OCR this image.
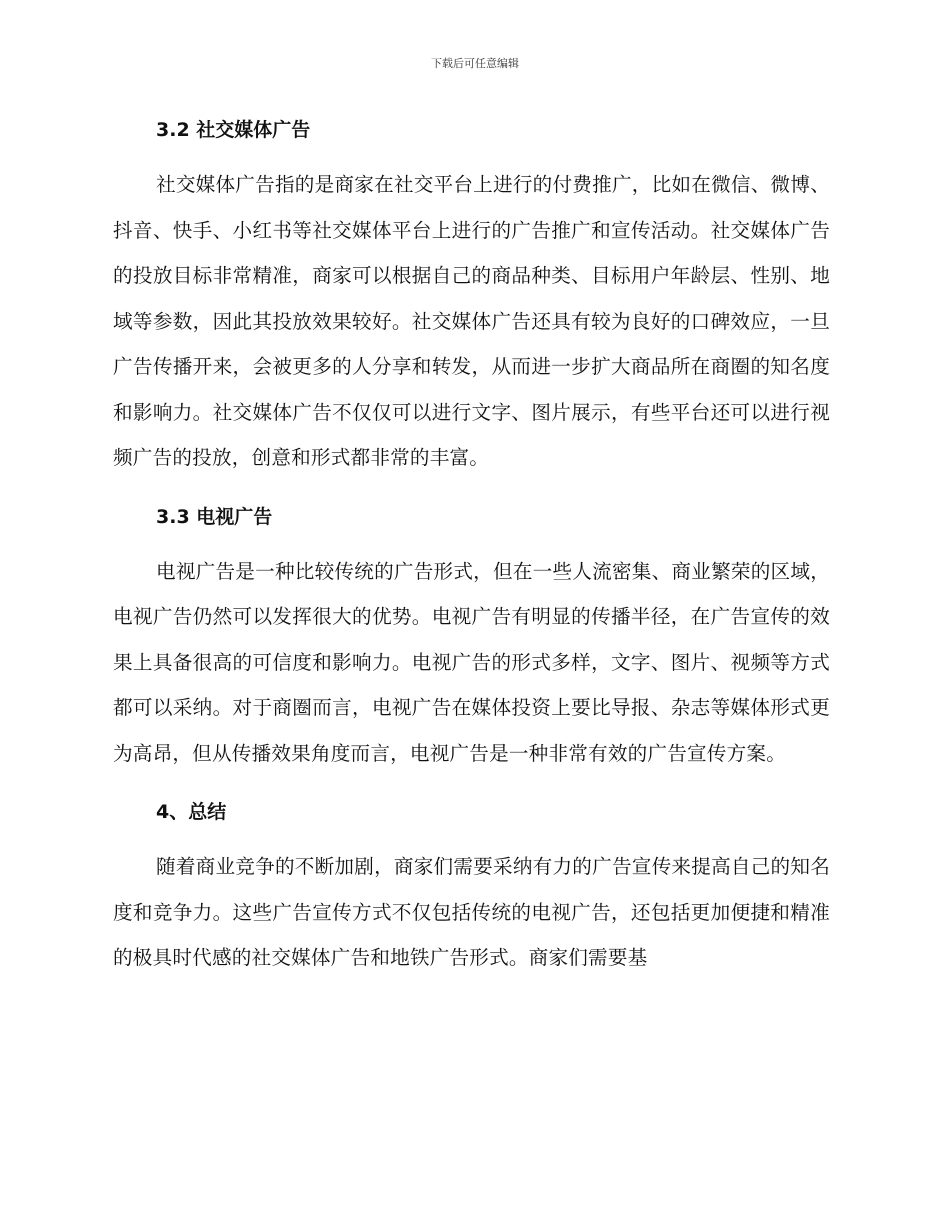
下载后可任意编辑
3.2 社交媒体广告

社交媒体广告指的是商家在社交平台上进行的付费推广，比如在微信、微博、抖音、快手、小红书等社交媒体平台上进行的广告推广和宣传活动。社交媒体广告的投放目标非常精准，商家可以根据自己的商品种类、目标用户年龄层、性别、地域等参数，因此其投放效果较好。社交媒体广告还具有较为良好的口碑效应，一旦广告传播开来，会被更多的人分享和转发，从而进一步扩大商品所在商圈的知名度和影响力。社交媒体广告不仅仅可以进行文字、图片展示，有些平台还可以进行视频广告的投放，创意和形式都非常的丰富。

3.3 电视广告

电视广告是一种比较传统的广告形式，但在一些人流密集、商业繁荣的区域，电视广告仍然可以发挥很大的优势。电视广告有明显的传播半径，在广告宣传的效果上具备很高的可信度和影响力。电视广告的形式多样，文字、图片、视频等方式都可以采纳。对于商圈而言，电视广告在媒体投资上要比导报、杂志等媒体形式更为高昂，但从传播效果角度而言，电视广告是一种非常有效的广告宣传方案。

4、总结

随着商业竞争的不断加剧，商家们需要采纳有力的广告宣传来提高自己的知名度和竞争力。这些广告宣传方式不仅包括传统的电视广告，还包括更加便捷和精准的极具时代感的社交媒体广告和地铁广告形式。商家们需要基
